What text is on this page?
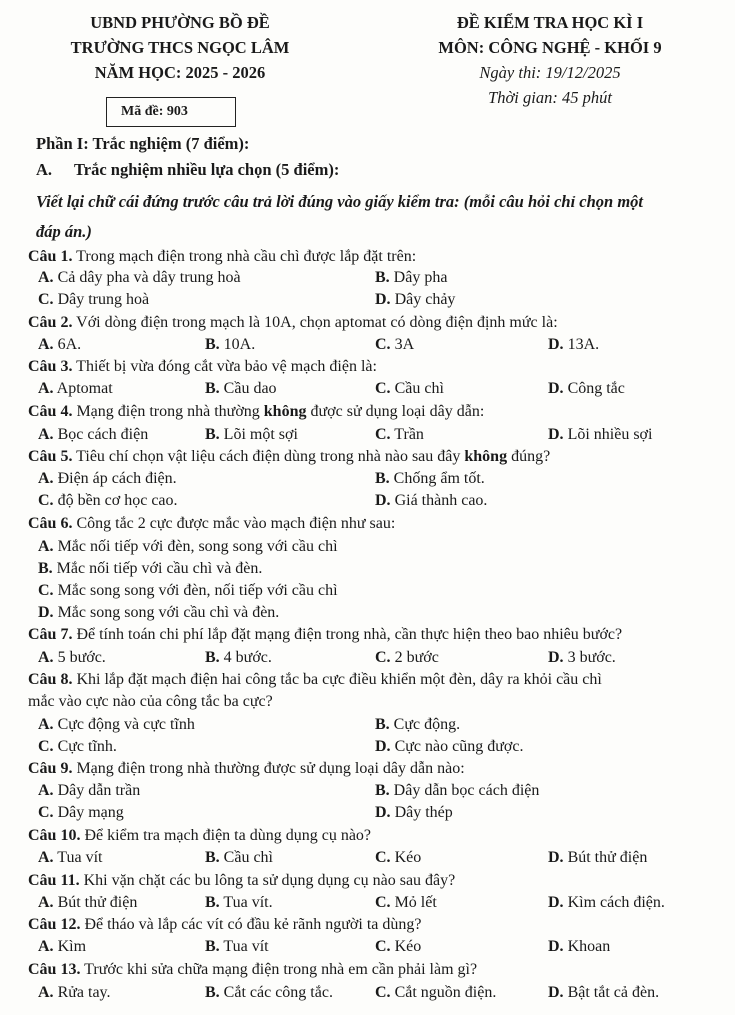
UBND PHƯỜNG BỒ ĐỀ
TRƯỜNG THCS NGỌC LÂM
NĂM HỌC: 2025 - 2026
ĐỀ KIỂM TRA HỌC KÌ I
MÔN: CÔNG NGHỆ - KHỐI 9
Ngày thi: 19/12/2025
Thời gian: 45 phút
Mã đề: 903
Phần I: Trắc nghiệm (7 điểm):
A. Trắc nghiệm nhiều lựa chọn (5 điểm):
Viết lại chữ cái đứng trước câu trả lời đúng vào giấy kiểm tra: (mỗi câu hỏi chỉ chọn một
đáp án.)
Câu 1. Trong mạch điện trong nhà cầu chì được lắp đặt trên:
A. Cả dây pha và dây trung hoà	B. Dây pha
C. Dây trung hoà	D. Dây chảy
Câu 2. Với dòng điện trong mạch là 10A, chọn aptomat có dòng điện định mức là:
A. 6A.	B. 10A.	C. 3A	D. 13A.
Câu 3. Thiết bị vừa đóng cắt vừa bảo vệ mạch điện là:
A. Aptomat	B. Cầu dao	C. Cầu chì	D. Công tắc
Câu 4. Mạng điện trong nhà thường không được sử dụng loại dây dẫn:
A. Bọc cách điện	B. Lõi một sợi	C. Trần	D. Lõi nhiều sợi
Câu 5. Tiêu chí chọn vật liệu cách điện dùng trong nhà nào sau đây không đúng?
A. Điện áp cách điện.	B. Chống ẩm tốt.
C. độ bền cơ học cao.	D. Giá thành cao.
Câu 6. Công tắc 2 cực được mắc vào mạch điện như sau:
A. Mắc nối tiếp với đèn, song song với cầu chì
B. Mắc nối tiếp với cầu chì và đèn.
C. Mắc song song với đèn, nối tiếp với cầu chì
D. Mắc song song với cầu chì và đèn.
Câu 7. Để tính toán chi phí lắp đặt mạng điện trong nhà, cần thực hiện theo bao nhiêu bước?
A. 5 bước.	B. 4 bước.	C. 2 bước	D. 3 bước.
Câu 8. Khi lắp đặt mạch điện hai công tắc ba cực điều khiển một đèn, dây ra khỏi cầu chì
mắc vào cực nào của công tắc ba cực?
A. Cực động và cực tĩnh	B. Cực động.
C. Cực tĩnh.	D. Cực nào cũng được.
Câu 9. Mạng điện trong nhà thường được sử dụng loại dây dẫn nào:
A. Dây dẫn trần	B. Dây dẫn bọc cách điện
C. Dây mạng	D. Dây thép
Câu 10. Để kiểm tra mạch điện ta dùng dụng cụ nào?
A. Tua vít	B. Cầu chì	C. Kéo	D. Bút thử điện
Câu 11. Khi vặn chặt các bu lông ta sử dụng dụng cụ nào sau đây?
A. Bút thử điện	B. Tua vít.	C. Mỏ lết	D. Kìm cách điện.
Câu 12. Để tháo và lắp các vít có đầu kẻ rãnh người ta dùng?
A. Kìm	B. Tua vít	C. Kéo	D. Khoan
Câu 13. Trước khi sửa chữa mạng điện trong nhà em cần phải làm gì?
A. Rửa tay.	B. Cắt các công tắc.	C. Cắt nguồn điện.	D. Bật tắt cả đèn.
